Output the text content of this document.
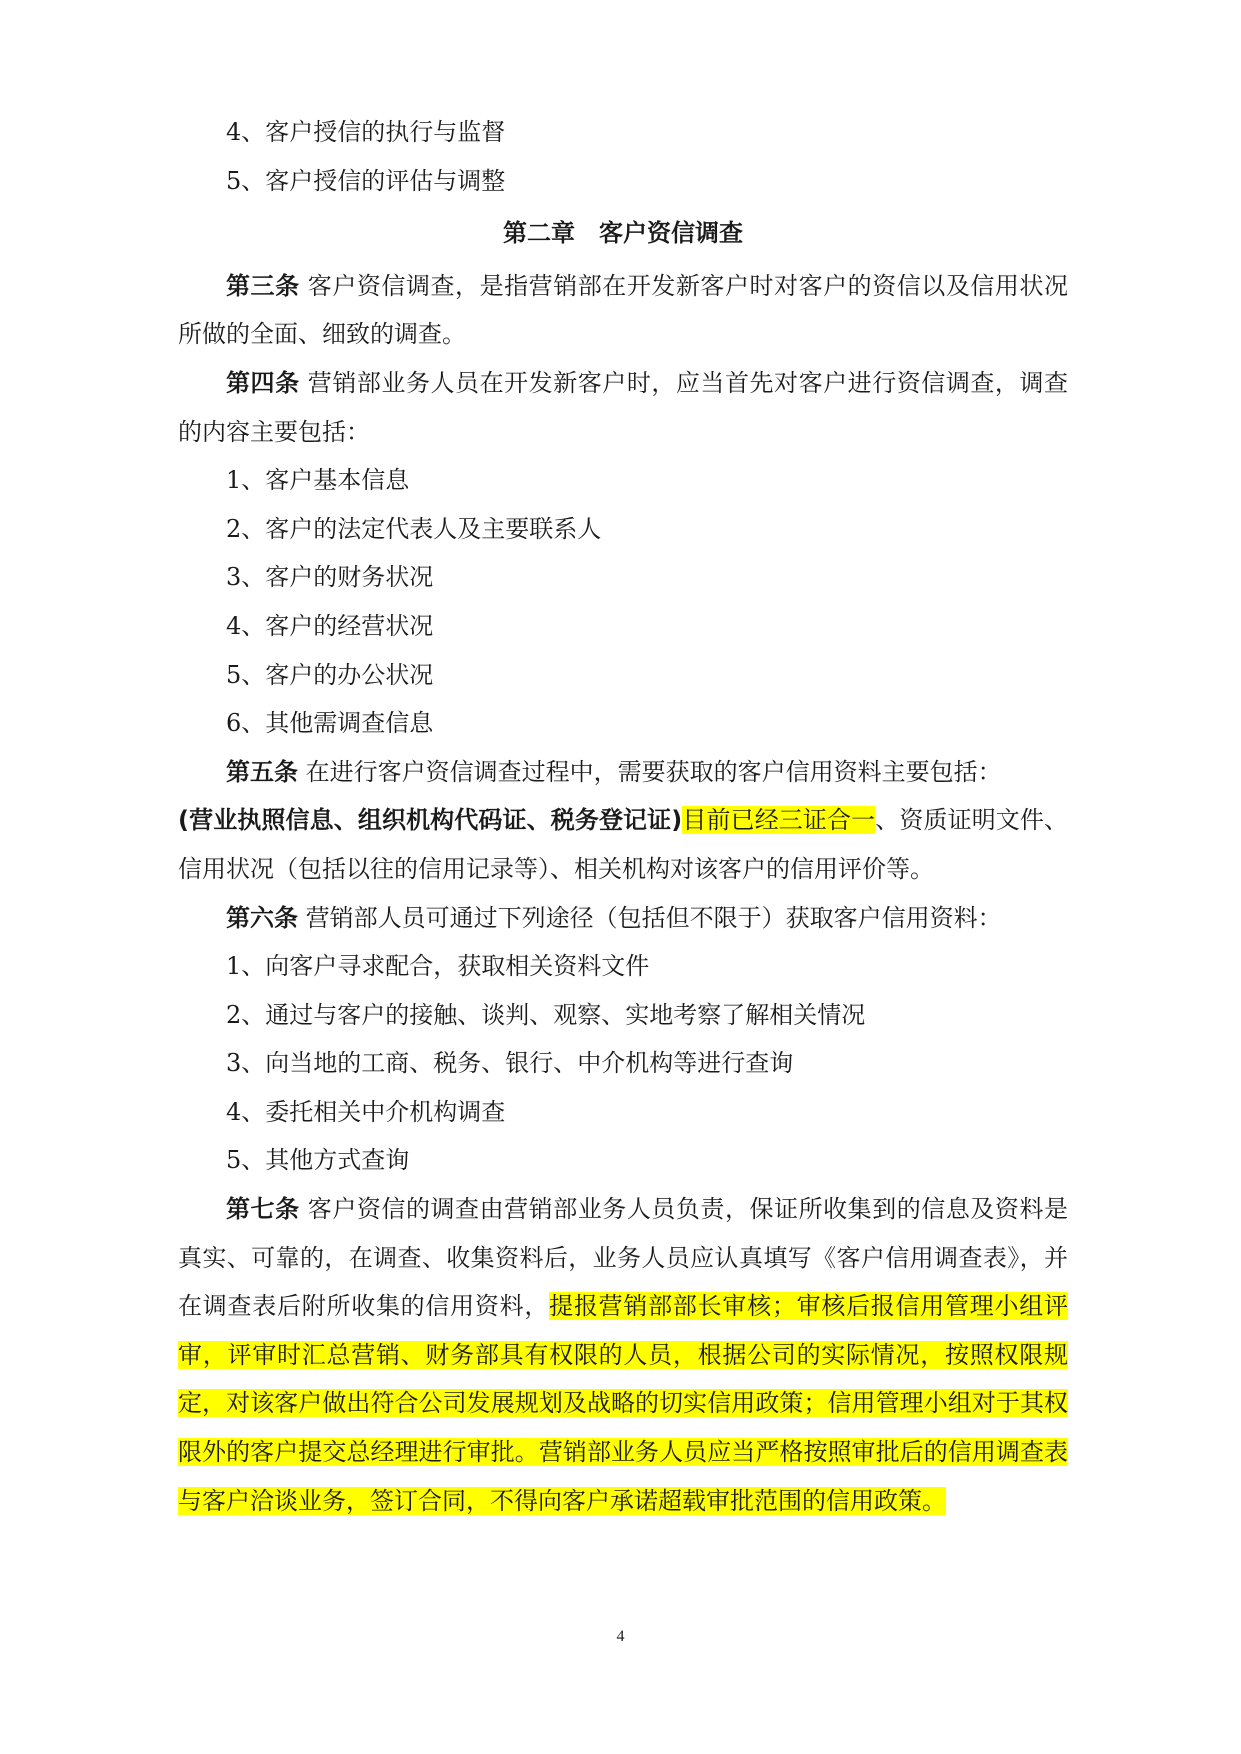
4、客户授信的执行与监督

5、客户授信的评估与调整

第二章　客户资信调查

第三条 客户资信调查，是指营销部在开发新客户时对客户的资信以及信用状况所做的全面、细致的调查。

第四条 营销部业务人员在开发新客户时，应当首先对客户进行资信调查，调查的内容主要包括：

1、客户基本信息

2、客户的法定代表人及主要联系人

3、客户的财务状况

4、客户的经营状况

5、客户的办公状况

6、其他需调查信息

第五条 在进行客户资信调查过程中，需要获取的客户信用资料主要包括：

(营业执照信息、组织机构代码证、税务登记证)目前已经三证合一、资质证明文件、信用状况（包括以往的信用记录等）、相关机构对该客户的信用评价等。

第六条 营销部人员可通过下列途径（包括但不限于）获取客户信用资料：

1、向客户寻求配合，获取相关资料文件

2、通过与客户的接触、谈判、观察、实地考察了解相关情况

3、向当地的工商、税务、银行、中介机构等进行查询

4、委托相关中介机构调查

5、其他方式查询

第七条 客户资信的调查由营销部业务人员负责，保证所收集到的信息及资料是真实、可靠的，在调查、收集资料后，业务人员应认真填写《客户信用调查表》，并在调查表后附所收集的信用资料，提报营销部部长审核；审核后报信用管理小组评审，评审时汇总营销、财务部具有权限的人员，根据公司的实际情况，按照权限规定，对该客户做出符合公司发展规划及战略的切实信用政策；信用管理小组对于其权限外的客户提交总经理进行审批。营销部业务人员应当严格按照审批后的信用调查表与客户洽谈业务，签订合同，不得向客户承诺超载审批范围的信用政策。

4
